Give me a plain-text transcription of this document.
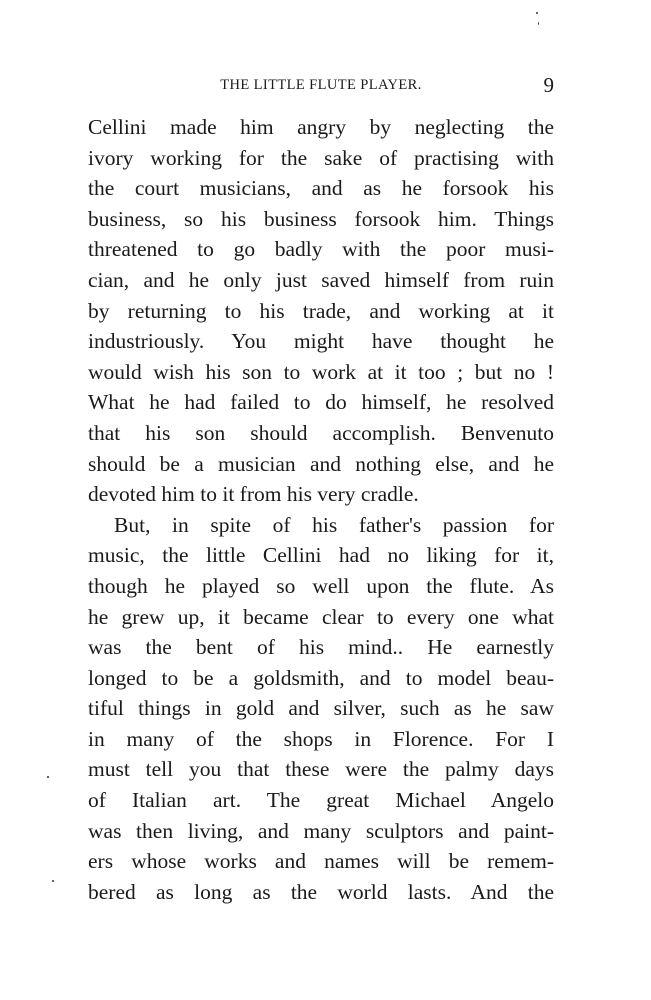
THE LITTLE FLUTE PLAYER.	9
Cellini made him angry by neglecting the
ivory working for the sake of practising with
the court musicians, and as he forsook his
business, so his business forsook him. Things
threatened to go badly with the poor musi-
cian, and he only just saved himself from ruin
by returning to his trade, and working at it
industriously. You might have thought he
would wish his son to work at it too ; but no !
What he had failed to do himself, he resolved
that his son should accomplish. Benvenuto
should be a musician and nothing else, and he
devoted him to it from his very cradle.
But, in spite of his father's passion for
music, the little Cellini had no liking for it,
though he played so well upon the flute. As
he grew up, it became clear to every one what
was the bent of his mind.. He earnestly
longed to be a goldsmith, and to model beau-
tiful things in gold and silver, such as he saw
in many of the shops in Florence. For I
must tell you that these were the palmy days
of Italian art. The great Michael Angelo
was then living, and many sculptors and paint-
ers whose works and names will be remem-
bered as long as the world lasts. And the
